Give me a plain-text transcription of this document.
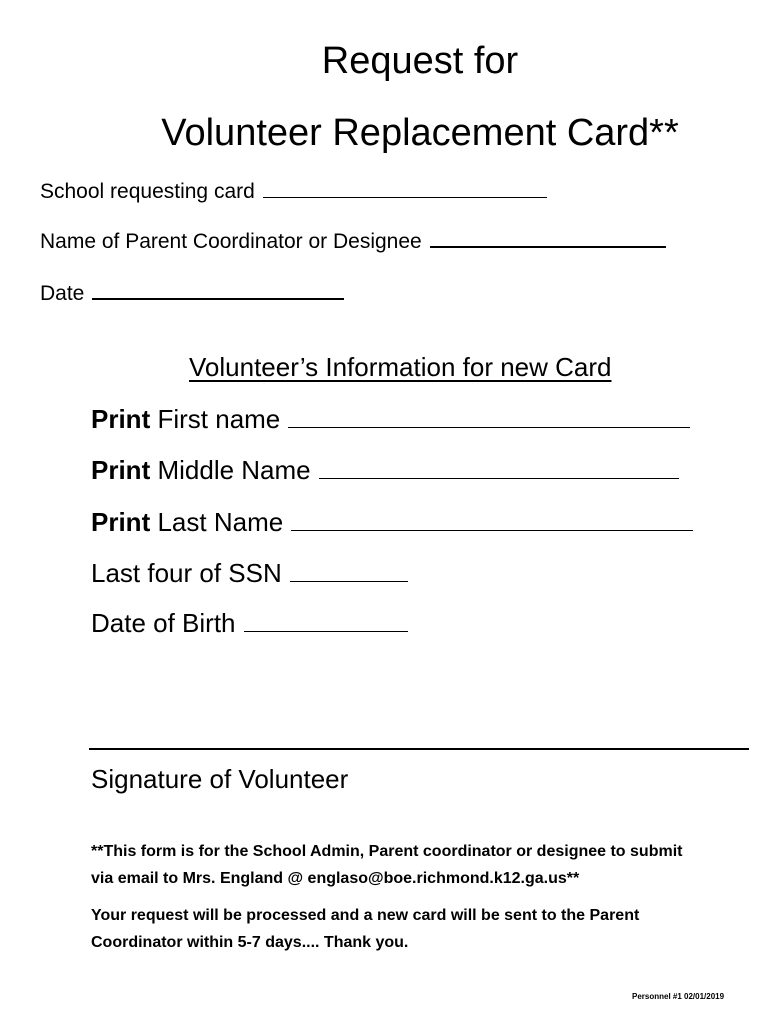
Request for
Volunteer Replacement Card**
School requesting card
Name of Parent Coordinator or Designee
Date
Volunteer’s Information for new Card
Print First name
Print Middle Name
Print Last Name
Last four of SSN
Date of Birth
Signature of Volunteer
**This form is for the School Admin, Parent coordinator or designee to submit
via email to Mrs. England @ englaso@boe.richmond.k12.ga.us**
Your request will be processed and a new card will be sent to the Parent
Coordinator within 5-7 days.... Thank you.
Personnel #1 02/01/2019
